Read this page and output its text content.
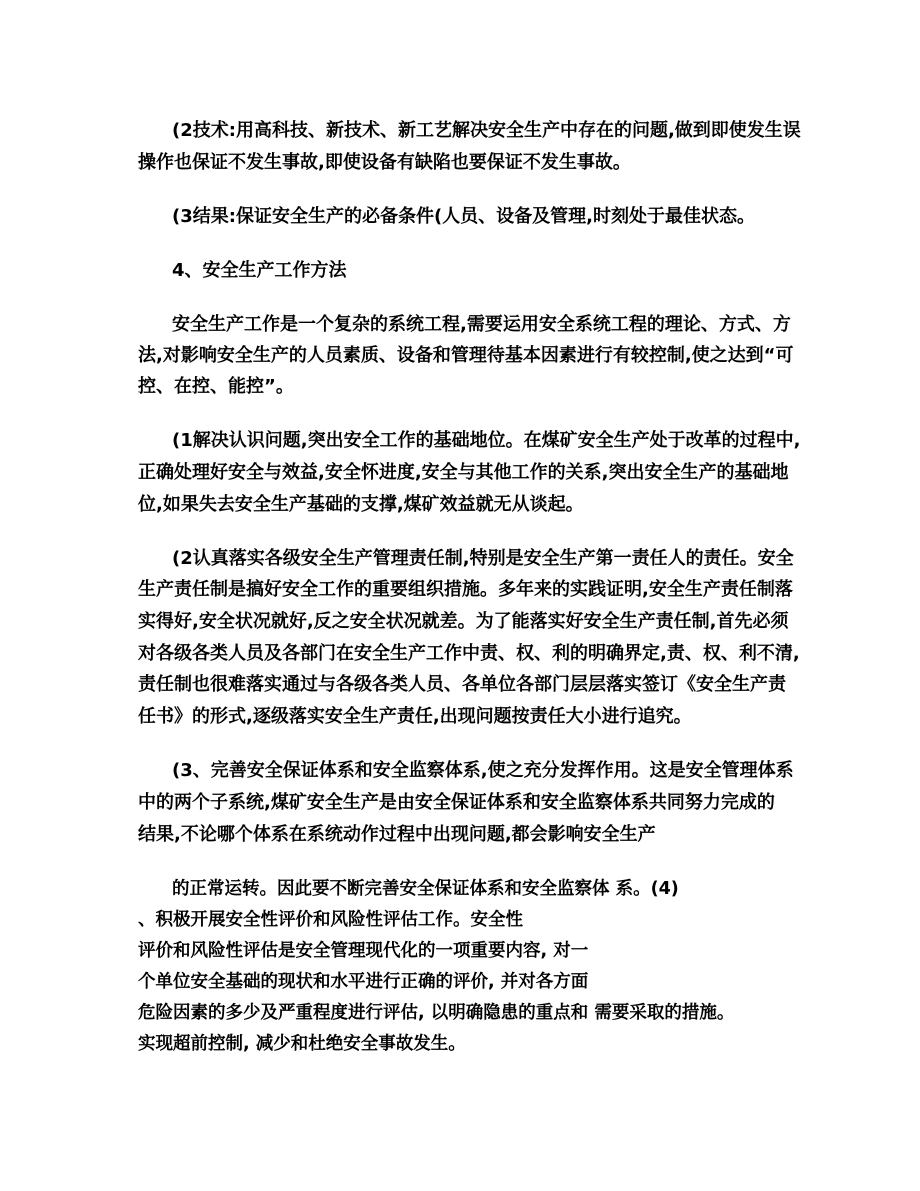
(2技术:用高科技、新技术、新工艺解决安全生产中存在的问题,做到即使发生误

操作也保证不发生事故,即使设备有缺陷也要保证不发生事故。

(3结果:保证安全生产的必备条件(人员、设备及管理,时刻处于最佳状态。

4、安全生产工作方法

安全生产工作是一个复杂的系统工程,需要运用安全系统工程的理论、方式、方

法,对影响安全生产的人员素质、设备和管理待基本因素进行有较控制,使之达到“可

控、在控、能控”。

(1解决认识问题,突出安全工作的基础地位。在煤矿安全生产处于改革的过程中,

正确处理好安全与效益,安全怀进度,安全与其他工作的关系,突出安全生产的基础地

位,如果失去安全生产基础的支撑,煤矿效益就无从谈起。

(2认真落实各级安全生产管理责任制,特别是安全生产第一责任人的责任。安全

生产责任制是搞好安全工作的重要组织措施。多年来的实践证明,安全生产责任制落

实得好,安全状况就好,反之安全状况就差。为了能落实好安全生产责任制,首先必须

对各级各类人员及各部门在安全生产工作中责、权、利的明确界定,责、权、利不清,

责任制也很难落实通过与各级各类人员、各单位各部门层层落实签订《安全生产责

任书》的形式,逐级落实安全生产责任,出现问题按责任大小进行追究。

(3、完善安全保证体系和安全监察体系,使之充分发挥作用。这是安全管理体系

中的两个子系统,煤矿安全生产是由安全保证体系和安全监察体系共同努力完成的

结果,不论哪个体系在系统动作过程中出现问题,都会影响安全生产

的正常运转。因此要不断完善安全保证体系和安全监察体 系。(4)

、积极开展安全性评价和风险性评估工作。安全性

评价和风险性评估是安全管理现代化的一项重要内容, 对一

个单位安全基础的现状和水平进行正确的评价, 并对各方面

危险因素的多少及严重程度进行评估, 以明确隐患的重点和 需要采取的措施。

实现超前控制, 减少和杜绝安全事故发生。
